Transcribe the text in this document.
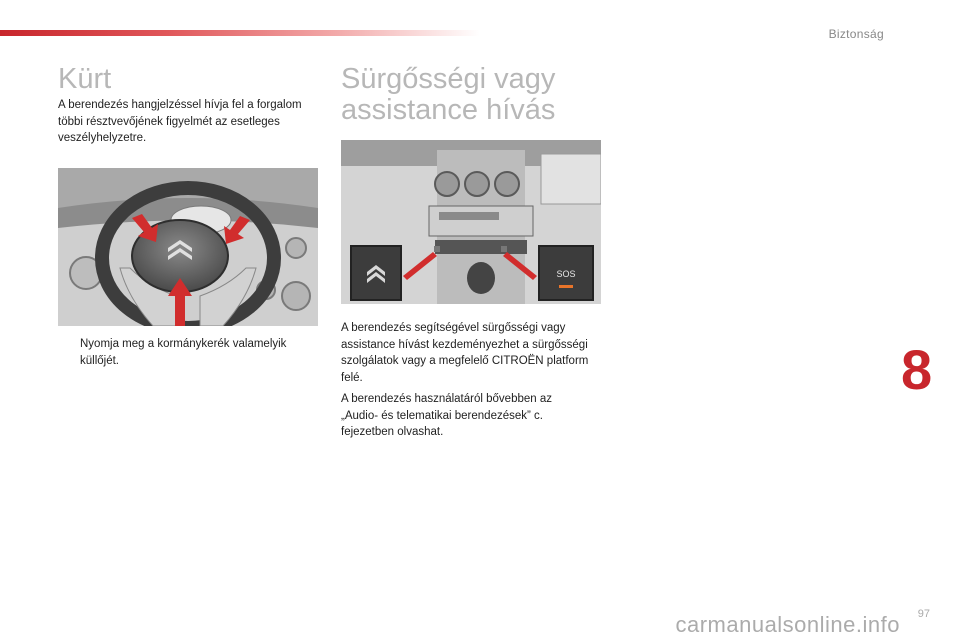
Biztonság
Kürt

A berendezés hangjelzéssel hívja fel a forgalom többi résztvevőjének figyelmét az esetleges veszélyhelyzetre.

Nyomja meg a kormánykerék valamelyik küllőjét.
Sürgősségi vagy
assistance hívás
SOS

A berendezés segítségével sürgősségi vagy assistance hívást kezdeményezhet a sürgősségi szolgálatok vagy a megfelelő CITROËN platform felé.

A berendezés használatáról bővebben az „Audio- és telematikai berendezések” c. fejezetben olvashat.

8
carmanualsonline.info 97
